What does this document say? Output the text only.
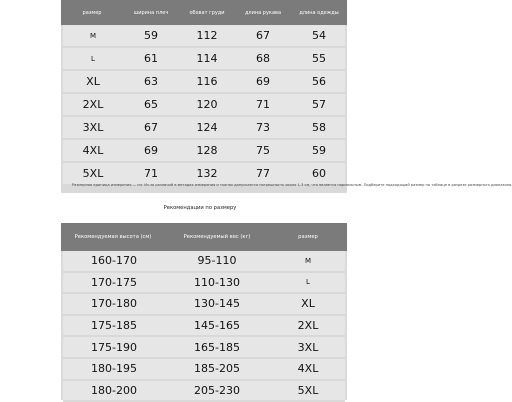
размер	ширина плеч	обхват груди	длина рукава	длина одежды
M	59	112	67	54
L	61	114	68	55
XL	63	116	69	56
2XL	65	120	71	57
3XL	67	124	73	58
4XL	69	128	75	59
5XL	71	132	77	60
Размерная единица измерения — см. Из-за различий в методах измерения и тканях допускается погрешность около 1-3 см, что является нормальным. Подберите подходящий размер по таблице в разрезе размерного диапазона.
Рекомендации по размеру
Рекомендуемая высота (см)	Рекомендуемый вес (кг)	размер
160-170	95-110	M
170-175	110-130	L
170-180	130-145	XL
175-185	145-165	2XL
175-190	165-185	3XL
180-195	185-205	4XL
180-200	205-230	5XL
